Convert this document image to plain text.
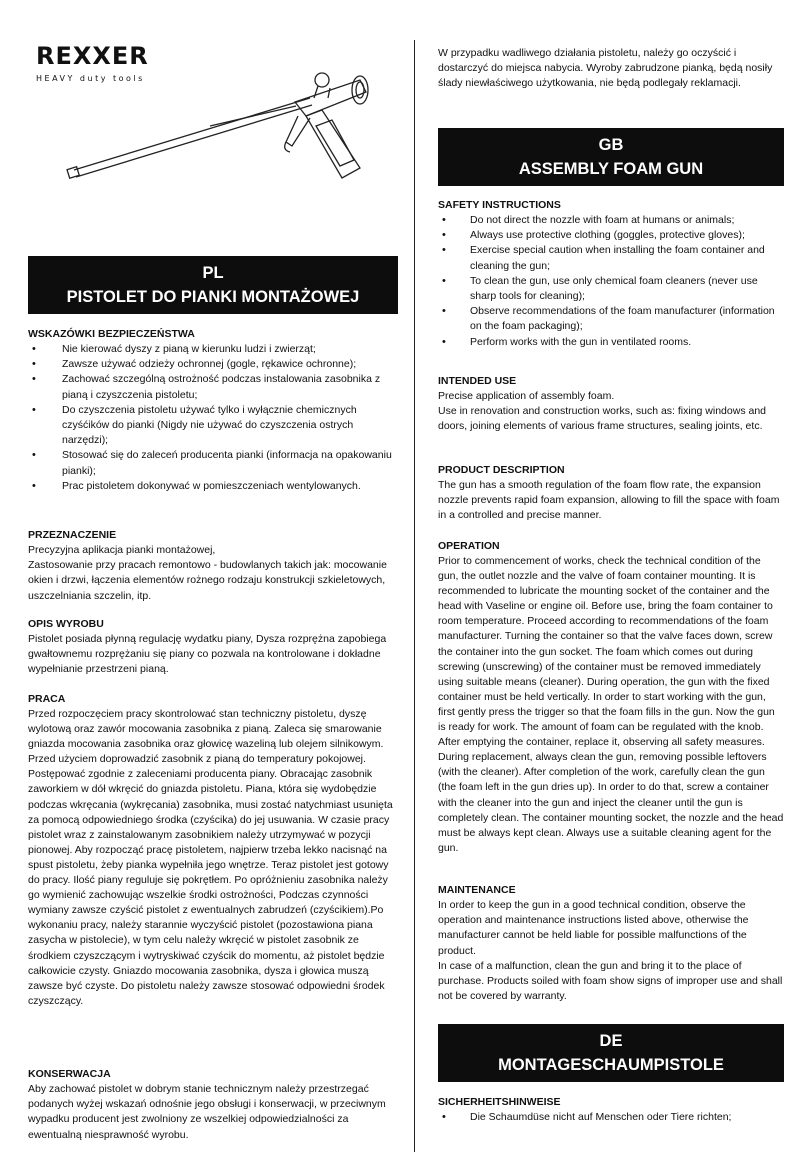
REXXER
HEAVY duty tools
PL
PISTOLET DO PIANKI MONTAŻOWEJ
WSKAZÓWKI BEZPIECZEŃSTWA
• Nie kierować dyszy z pianą w kierunku ludzi i zwierząt;
• Zawsze używać odzieży ochronnej (gogle, rękawice ochronne);
• Zachować szczególną ostrożność podczas instalowania zasobnika z pianą i czyszczenia pistoletu;
• Do czyszczenia pistoletu używać tylko i wyłącznie chemicznych czyśćików do pianki (Nigdy nie używać do czyszczenia ostrych narzędzi);
• Stosować się do zaleceń producenta pianki (informacja na opakowaniu pianki);
• Prac pistoletem dokonywać w pomieszczeniach wentylowanych.
PRZEZNACZENIE

Precyzyjna aplikacja pianki montażowej,
Zastosowanie przy pracach remontowo - budowlanych takich jak: mocowanie okien i drzwi, łączenia elementów rożnego rodzaju konstrukcji szkieletowych, uszczelniania szczelin, itp.

OPIS WYROBU

Pistolet posiada płynną regulację wydatku piany, Dysza rozprężna zapobiega gwałtownemu rozprężaniu się piany co pozwala na kontrolowane i dokładne wypełnianie przestrzeni pianą.

PRACA

Przed rozpoczęciem pracy skontrolować stan techniczny pistoletu, dyszę wylotową oraz zawór mocowania zasobnika z pianą. Zaleca się smarowanie gniazda mocowania zasobnika oraz głowicę wazeliną lub olejem silnikowym. Przed użyciem doprowadzić zasobnik z pianą do temperatury pokojowej. Postępować zgodnie z zaleceniami producenta piany. Obracając zasobnik zaworkiem w dół wkręcić do gniazda pistoletu. Piana, która się wydobędzie podczas wkręcania (wykręcania) zasobnika, musi zostać natychmiast usunięta za pomocą odpowiedniego środka (czyścika) do jej usuwania. W czasie pracy pistolet wraz z zainstalowanym zasobnikiem należy utrzymywać w pozycji pionowej. Aby rozpocząć pracę pistoletem, najpierw trzeba lekko nacisnąć na spust pistoletu, żeby pianka wypełniła jego wnętrze. Teraz pistolet jest gotowy do pracy. Ilość piany reguluje się pokrętłem. Po opróżnieniu zasobnika należy go wymienić zachowując wszelkie środki ostrożności, Podczas czynności wymiany zawsze czyścić pistolet z ewentualnych zabrudzeń (czyścikiem).Po wykonaniu pracy, należy starannie wyczyścić pistolet (pozostawiona piana zasycha w pistolecie), w tym celu należy wkręcić w pistolet zasobnik ze środkiem czyszczącym i wytryskiwać czyścik do momentu, aż pistolet będzie całkowicie czysty. Gniazdo mocowania zasobnika, dysza i głowica muszą zawsze być czyste. Do pistoletu należy zawsze stosować odpowiedni środek czyszczący.

KONSERWACJA

Aby zachować pistolet w dobrym stanie technicznym należy przestrzegać podanych wyżej wskazań odnośnie jego obsługi i konserwacji, w przeciwnym wypadku producent jest zwolniony ze wszelkiej odpowiedzialności za ewentualną niesprawność wyrobu.

W przypadku wadliwego działania pistoletu, należy go oczyścić i dostarczyć do miejsca nabycia. Wyroby zabrudzone pianką, będą nosiły ślady niewłaściwego użytkowania, nie będą podlegały reklamacji.

GB
ASSEMBLY FOAM GUN
SAFETY INSTRUCTIONS
• Do not direct the nozzle with foam at humans or animals;
• Always use protective clothing (goggles, protective gloves);
• Exercise special caution when installing the foam container and cleaning the gun;
• To clean the gun, use only chemical foam cleaners (never use sharp tools for cleaning);
• Observe recommendations of the foam manufacturer (information on the foam packaging);
• Perform works with the gun in ventilated rooms.
INTENDED USE

Precise application of assembly foam.
Use in renovation and construction works, such as: fixing windows and doors, joining elements of various frame structures, sealing joints, etc.

PRODUCT DESCRIPTION

The gun has a smooth regulation of the foam flow rate, the expansion nozzle prevents rapid foam expansion, allowing to fill the space with foam in a controlled and precise manner.

OPERATION

Prior to commencement of works, check the technical condition of the gun, the outlet nozzle and the valve of foam container mounting. It is recommended to lubricate the mounting socket of the container and the head with Vaseline or engine oil. Before use, bring the foam container to room temperature. Proceed according to recommendations of the foam manufacturer. Turning the container so that the valve faces down, screw the container into the gun socket. The foam which comes out during screwing (unscrewing) of the container must be removed immediately using suitable means (cleaner). During operation, the gun with the fixed container must be held vertically. In order to start working with the gun, first gently press the trigger so that the foam fills in the gun. Now the gun is ready for work. The amount of foam can be regulated with the knob. After emptying the container, replace it, observing all safety measures. During replacement, always clean the gun, removing possible leftovers (with the cleaner). After completion of the work, carefully clean the gun (the foam left in the gun dries up). In order to do that, screw a container with the cleaner into the gun and inject the cleaner until the gun is completely clean. The container mounting socket, the nozzle and the head must be always kept clean. Always use a suitable cleaning agent for the gun.

MAINTENANCE

In order to keep the gun in a good technical condition, observe the operation and maintenance instructions listed above, otherwise the manufacturer cannot be held liable for possible malfunctions of the product.
In case of a malfunction, clean the gun and bring it to the place of purchase. Products soiled with foam show signs of improper use and shall not be covered by warranty.

DE
MONTAGESCHAUMPISTOLE
SICHERHEITSHINWEISE
• Die Schaumdüse nicht auf Menschen oder Tiere richten;
